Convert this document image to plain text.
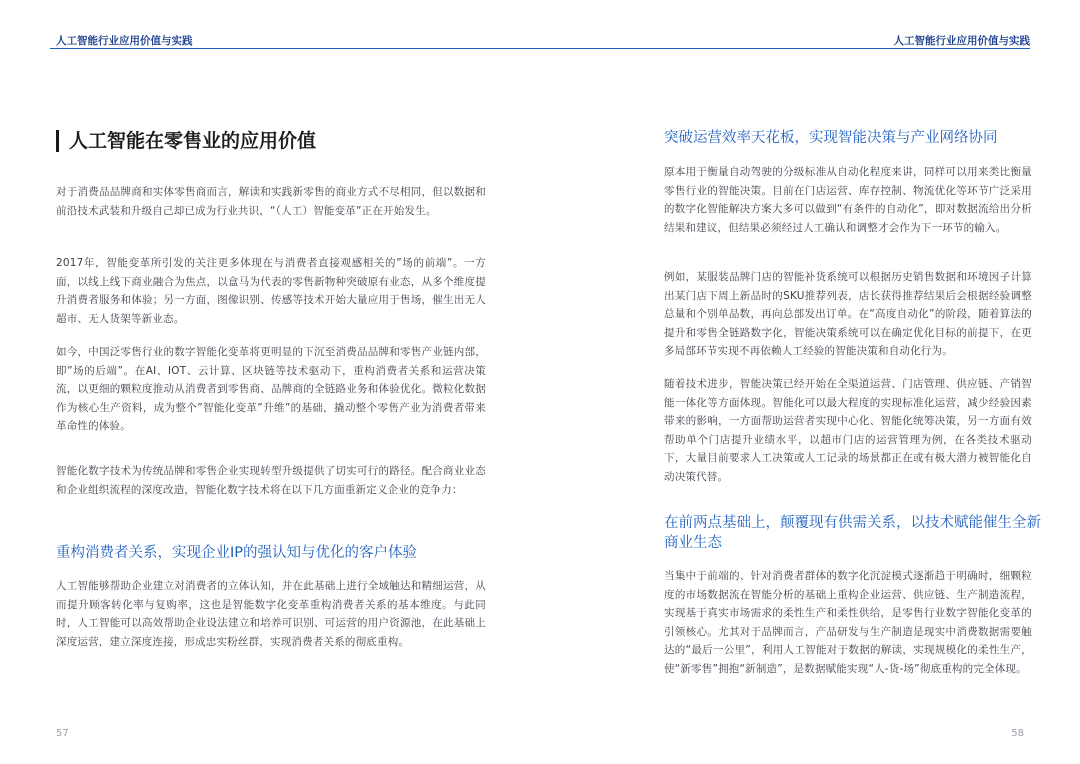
人工智能行业应用价值与实践
人工智能在零售业的应用价值

对于消费品品牌商和实体零售商而言，解读和实践新零售的商业方式不尽相同，但以数据和前沿技术武装和升级自己却已成为行业共识，“（人工）智能变革”正在开始发生。

2017年，智能变革所引发的关注更多体现在与消费者直接观感相关的”场的前端”。一方面，以线上线下商业融合为焦点，以盒马为代表的零售新物种突破原有业态，从多个维度提升消费者服务和体验；另一方面，图像识别、传感等技术开始大量应用于售场，催生出无人超市、无人货架等新业态。

如今，中国泛零售行业的数字智能化变革将更明显的下沉至消费品品牌和零售产业链内部，即”场的后端”。在AI、IOT、云计算、区块链等技术驱动下，重构消费者关系和运营决策流，以更细的颗粒度推动从消费者到零售商、品牌商的全链路业务和体验优化。微粒化数据作为核心生产资料，成为整个”智能化变革”升维”的基础，撬动整个零售产业为消费者带来革命性的体验。

智能化数字技术为传统品牌和零售企业实现转型升级提供了切实可行的路径。配合商业业态和企业组织流程的深度改造，智能化数字技术将在以下几方面重新定义企业的竞争力：

重构消费者关系，实现企业IP的强认知与优化的客户体验

人工智能够帮助企业建立对消费者的立体认知，并在此基础上进行全域触达和精细运营，从而提升顾客转化率与复购率，这也是智能数字化变革重构消费者关系的基本维度。与此同时，人工智能可以高效帮助企业设法建立和培养可识别、可运营的用户资源池，在此基础上深度运营，建立深度连接，形成忠实粉丝群，实现消费者关系的彻底重构。

57
人工智能行业应用价值与实践
突破运营效率天花板，实现智能决策与产业网络协同

原本用于衡量自动驾驶的分级标准从自动化程度来讲，同样可以用来类比衡量零售行业的智能决策。目前在门店运营、库存控制、物流优化等环节广泛采用的数字化智能解决方案大多可以做到“有条件的自动化”，即对数据流给出分析结果和建议，但结果必须经过人工确认和调整才会作为下一环节的输入。

例如，某服装品牌门店的智能补货系统可以根据历史销售数据和环境因子计算出某门店下周上新品时的SKU推荐列表，店长获得推荐结果后会根据经验调整总量和个别单品数，再向总部发出订单。在“高度自动化”的阶段，随着算法的提升和零售全链路数字化，智能决策系统可以在确定优化目标的前提下，在更多局部环节实现不再依赖人工经验的智能决策和自动化行为。

随着技术进步，智能决策已经开始在全渠道运营、门店管理、供应链、产销智能一体化等方面体现。智能化可以最大程度的实现标准化运营，减少经验因素带来的影响，一方面帮助运营者实现中心化、智能化统筹决策，另一方面有效帮助单个门店提升业绩水平，以超市门店的运营管理为例，在各类技术驱动下，大量目前要求人工决策或人工记录的场景都正在或有极大潜力被智能化自动决策代替。

在前两点基础上，颠覆现有供需关系，以技术赋能催生全新商业生态

当集中于前端的、针对消费者群体的数字化沉淀模式逐渐趋于明确时，细颗粒度的市场数据流在智能分析的基础上重构企业运营、供应链、生产制造流程，实现基于真实市场需求的柔性生产和柔性供给，是零售行业数字智能化变革的引领核心。尤其对于品牌而言，产品研发与生产制造是现实中消费数据需要触达的“最后一公里”，利用人工智能对于数据的解读，实现规模化的柔性生产，使“新零售”拥抱“新制造”，是数据赋能实现“人-货-场”彻底重构的完全体现。

58
